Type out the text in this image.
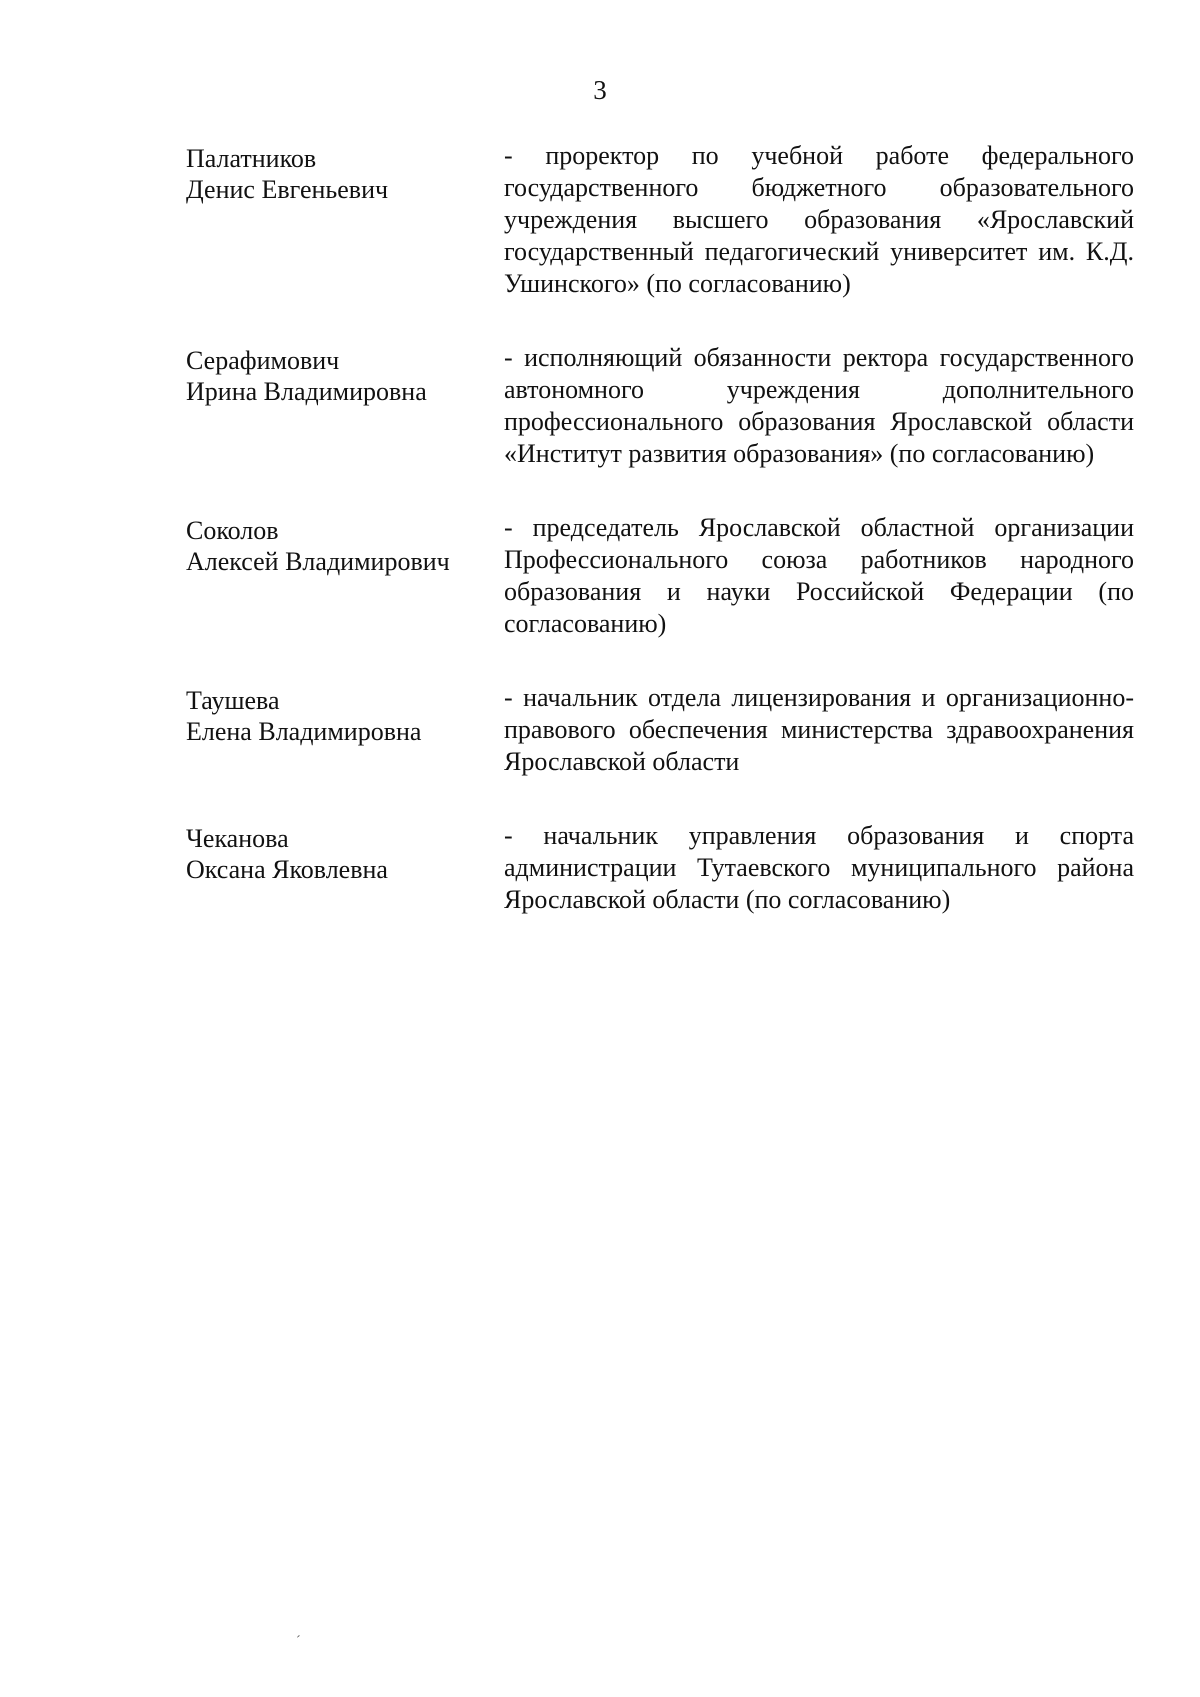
3
Палатников
Денис Евгеньевич
- проректор по учебной работе федерального государственного бюджетного образовательного учреждения высшего образования «Ярославский государственный педагогический университет им. К.Д. Ушинского» (по согласованию)
Серафимович
Ирина Владимировна
- исполняющий обязанности ректора государственного автономного учреждения дополнительного профессионального образования Ярославской области «Институт развития образования» (по согласованию)
Соколов
Алексей Владимирович
- председатель Ярославской областной организации Профессионального союза работников народного образования и науки Российской Федерации (по согласованию)
Таушева
Елена Владимировна
- начальник отдела лицензирования и организационно-правового обеспечения министерства здравоохранения Ярославской области
Чеканова
Оксана Яковлевна
- начальник управления образования и спорта администрации Тутаевского муниципального района Ярославской области (по согласованию)
ˊ
